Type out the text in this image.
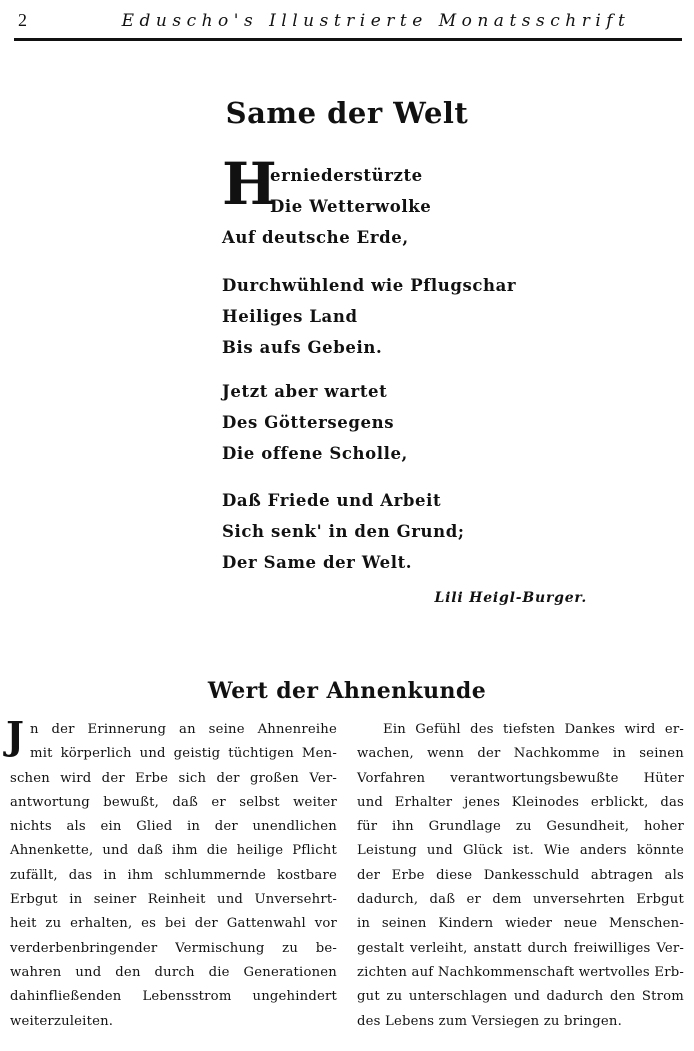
2	Eduscho's Illustrierte Monatsschrift
Same der Welt
H
erniederstürzte
Die Wetterwolke
Auf deutsche Erde,
Durchwühlend wie Pflugschar
Heiliges Land
Bis aufs Gebein.
Jetzt aber wartet
Des Göttersegens
Die offene Scholle,
Daß Friede und Arbeit
Sich senk' in den Grund;
Der Same der Welt.
Lili Heigl-Burger.
Wert der Ahnenkunde
J n der Erinnerung an seine Ahnenreihe
mit körperlich und geistig tüchtigen Men-
schen wird der Erbe sich der großen Ver-
antwortung bewußt, daß er selbst weiter
nichts als ein Glied in der unendlichen
Ahnenkette, und daß ihm die heilige Pflicht
zufällt, das in ihm schlummernde kostbare
Erbgut in seiner Reinheit und Unversehrt-
heit zu erhalten, es bei der Gattenwahl vor
verderbenbringender Vermischung zu be-
wahren und den durch die Generationen
dahinfließenden Lebensstrom ungehindert
weiterzuleiten.
Ein Gefühl des tiefsten Dankes wird er-
wachen, wenn der Nachkomme in seinen
Vorfahren verantwortungsbewußte Hüter
und Erhalter jenes Kleinodes erblickt, das
für ihn Grundlage zu Gesundheit, hoher
Leistung und Glück ist. Wie anders könnte
der Erbe diese Dankesschuld abtragen als
dadurch, daß er dem unversehrten Erbgut
in seinen Kindern wieder neue Menschen-
gestalt verleiht, anstatt durch freiwilliges Ver-
zichten auf Nachkommenschaft wertvolles Erb-
gut zu unterschlagen und dadurch den Strom
des Lebens zum Versiegen zu bringen.
